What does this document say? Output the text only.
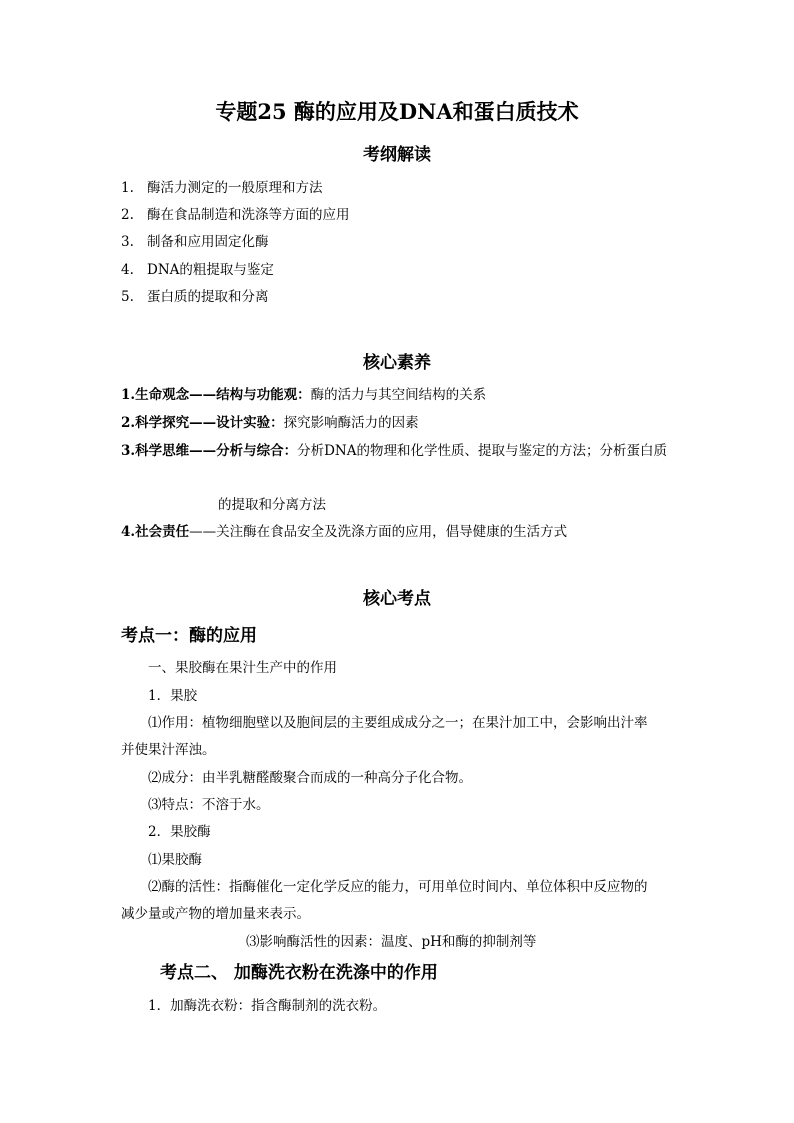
专题25 酶的应用及DNA和蛋白质技术
考纲解读
1. 酶活力测定的一般原理和方法
2. 酶在食品制造和洗涤等方面的应用
3. 制备和应用固定化酶
4. DNA的粗提取与鉴定
5. 蛋白质的提取和分离
核心素养
1.生命观念——结构与功能观：酶的活力与其空间结构的关系
2.科学探究——设计实验：探究影响酶活力的因素
3.科学思维——分析与综合：分析DNA的物理和化学性质、提取与鉴定的方法；分析蛋白质
的提取和分离方法
4.社会责任——关注酶在食品安全及洗涤方面的应用，倡导健康的生活方式
核心考点
考点一：酶的应用
一、果胶酶在果汁生产中的作用
1．果胶
⑴作用：植物细胞壁以及胞间层的主要组成成分之一；在果汁加工中，会影响出汁率
并使果汁浑浊。
⑵成分：由半乳糖醛酸聚合而成的一种高分子化合物。
⑶特点：不溶于水。
2．果胶酶
⑴果胶酶
⑵酶的活性：指酶催化一定化学反应的能力，可用单位时间内、单位体积中反应物的
减少量或产物的增加量来表示。
⑶影响酶活性的因素：温度、pH和酶的抑制剂等
考点二、 加酶洗衣粉在洗涤中的作用
1．加酶洗衣粉：指含酶制剂的洗衣粉。
